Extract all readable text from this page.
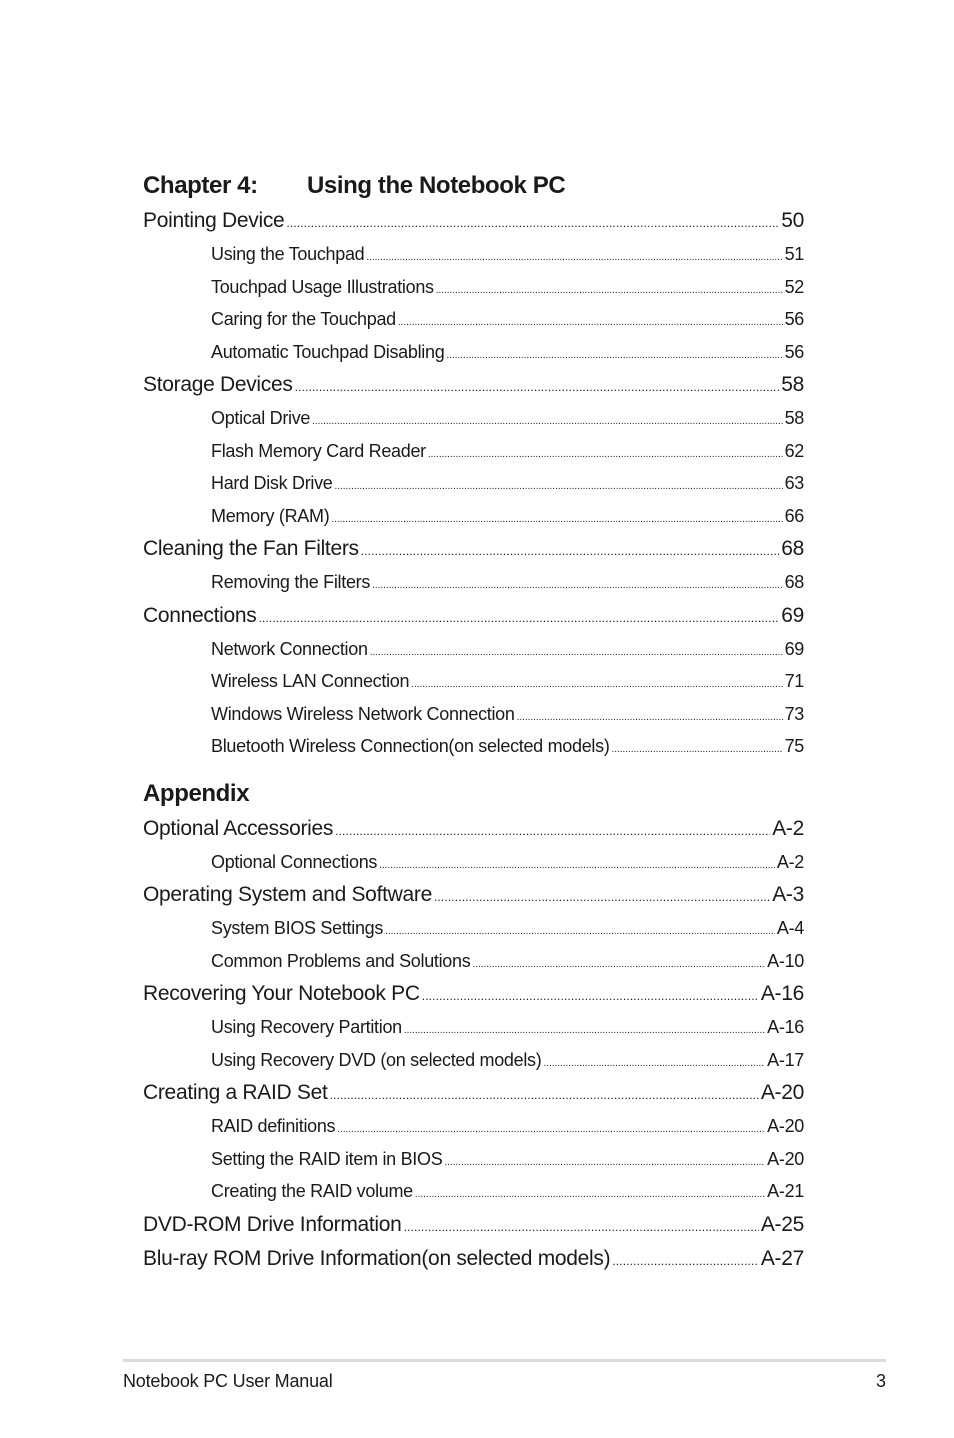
Chapter 4:	Using the Notebook PC
Pointing Device . . .	50
Using the Touchpad . . .	51
Touchpad Usage Illustrations . . .	52
Caring for the Touchpad . . .	56
Automatic Touchpad Disabling . . .	56
Storage Devices . . .	58
Optical Drive . . .	58
Flash Memory Card Reader . . .	62
Hard Disk Drive . . .	63
Memory (RAM) . . .	66
Cleaning the Fan Filters . . .	68
Removing the Filters . . .	68
Connections . . .	69
Network Connection . . .	69
Wireless LAN Connection . . .	71
Windows Wireless Network Connection . . .	73
Bluetooth Wireless Connection(on selected models) . . .	75
Appendix
Optional Accessories . . .	A-2
Optional Connections . . .	A-2
Operating System and Software . . .	A-3
System BIOS Settings . . .	A-4
Common Problems and Solutions . . .	A-10
Recovering Your Notebook PC . . .	A-16
Using Recovery Partition . . .	A-16
Using Recovery DVD (on selected models) . . .	A-17
Creating a RAID Set . . .	A-20
RAID definitions . . .	A-20
Setting the RAID item in BIOS . . .	A-20
Creating the RAID volume . . .	A-21
DVD-ROM Drive Information . . .	A-25
Blu-ray ROM Drive Information(on selected models) . . .	A-27
Notebook PC User Manual	3
